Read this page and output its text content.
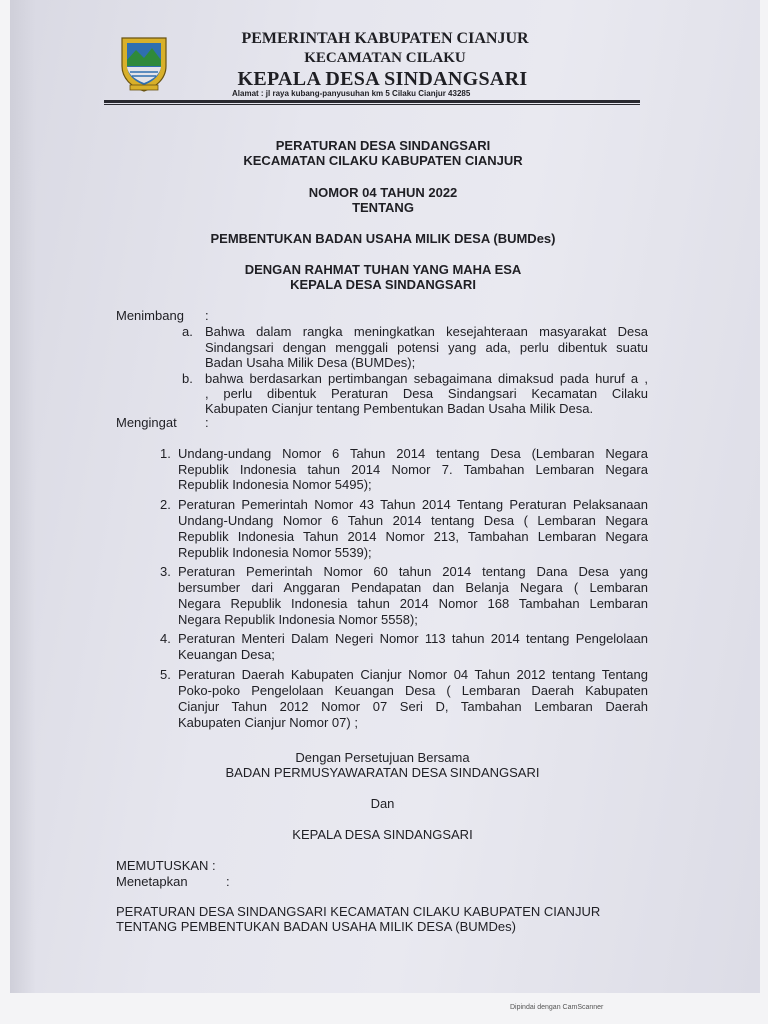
PEMERINTAH KABUPATEN CIANJUR
KECAMATAN CILAKU
KEPALA DESA SINDANGSARI
Alamat : jl raya kubang-panyusuhan km 5 Cilaku Cianjur 43285
PERATURAN DESA SINDANGSARI
KECAMATAN CILAKU KABUPATEN CIANJUR
NOMOR 04 TAHUN 2022
TENTANG
PEMBENTUKAN BADAN USAHA MILIK DESA (BUMDes)
DENGAN RAHMAT TUHAN YANG MAHA ESA
KEPALA DESA SINDANGSARI
Menimbang :
a. Bahwa dalam rangka meningkatkan kesejahteraan masyarakat Desa
Sindangsari dengan menggali potensi yang ada, perlu dibentuk suatu
Badan Usaha Milik Desa (BUMDes);
b. bahwa berdasarkan pertimbangan sebagaimana dimaksud pada huruf a ,
, perlu dibentuk Peraturan Desa Sindangsari Kecamatan Cilaku
Kabupaten Cianjur tentang Pembentukan Badan Usaha Milik Desa.
Mengingat :
1. Undang-undang Nomor 6 Tahun 2014 tentang Desa (Lembaran Negara
Republik Indonesia tahun 2014 Nomor 7. Tambahan Lembaran Negara
Republik Indonesia Nomor 5495);
2. Peraturan Pemerintah Nomor 43 Tahun 2014 Tentang Peraturan Pelaksanaan
Undang-Undang Nomor 6 Tahun 2014 tentang Desa ( Lembaran Negara
Republik Indonesia Tahun 2014 Nomor 213, Tambahan Lembaran Negara
Republik Indonesia Nomor 5539);
3. Peraturan Pemerintah Nomor 60 tahun 2014 tentang Dana Desa yang
bersumber dari Anggaran Pendapatan dan Belanja Negara ( Lembaran
Negara Republik Indonesia tahun 2014 Nomor 168 Tambahan Lembaran
Negara Republik Indonesia Nomor 5558);
4. Peraturan Menteri Dalam Negeri Nomor 113 tahun 2014 tentang Pengelolaan
Keuangan Desa;
5. Peraturan Daerah Kabupaten Cianjur Nomor 04 Tahun 2012 tentang Tentang
Poko-poko Pengelolaan Keuangan Desa ( Lembaran Daerah Kabupaten
Cianjur Tahun 2012 Nomor 07 Seri D, Tambahan Lembaran Daerah
Kabupaten Cianjur Nomor 07) ;
Dengan Persetujuan Bersama
BADAN PERMUSYAWARATAN DESA SINDANGSARI
Dan
KEPALA DESA SINDANGSARI
MEMUTUSKAN :
Menetapkan	:
PERATURAN DESA SINDANGSARI KECAMATAN CILAKU KABUPATEN CIANJUR
TENTANG PEMBENTUKAN BADAN USAHA MILIK DESA (BUMDes)
Dipindai dengan CamScanner
